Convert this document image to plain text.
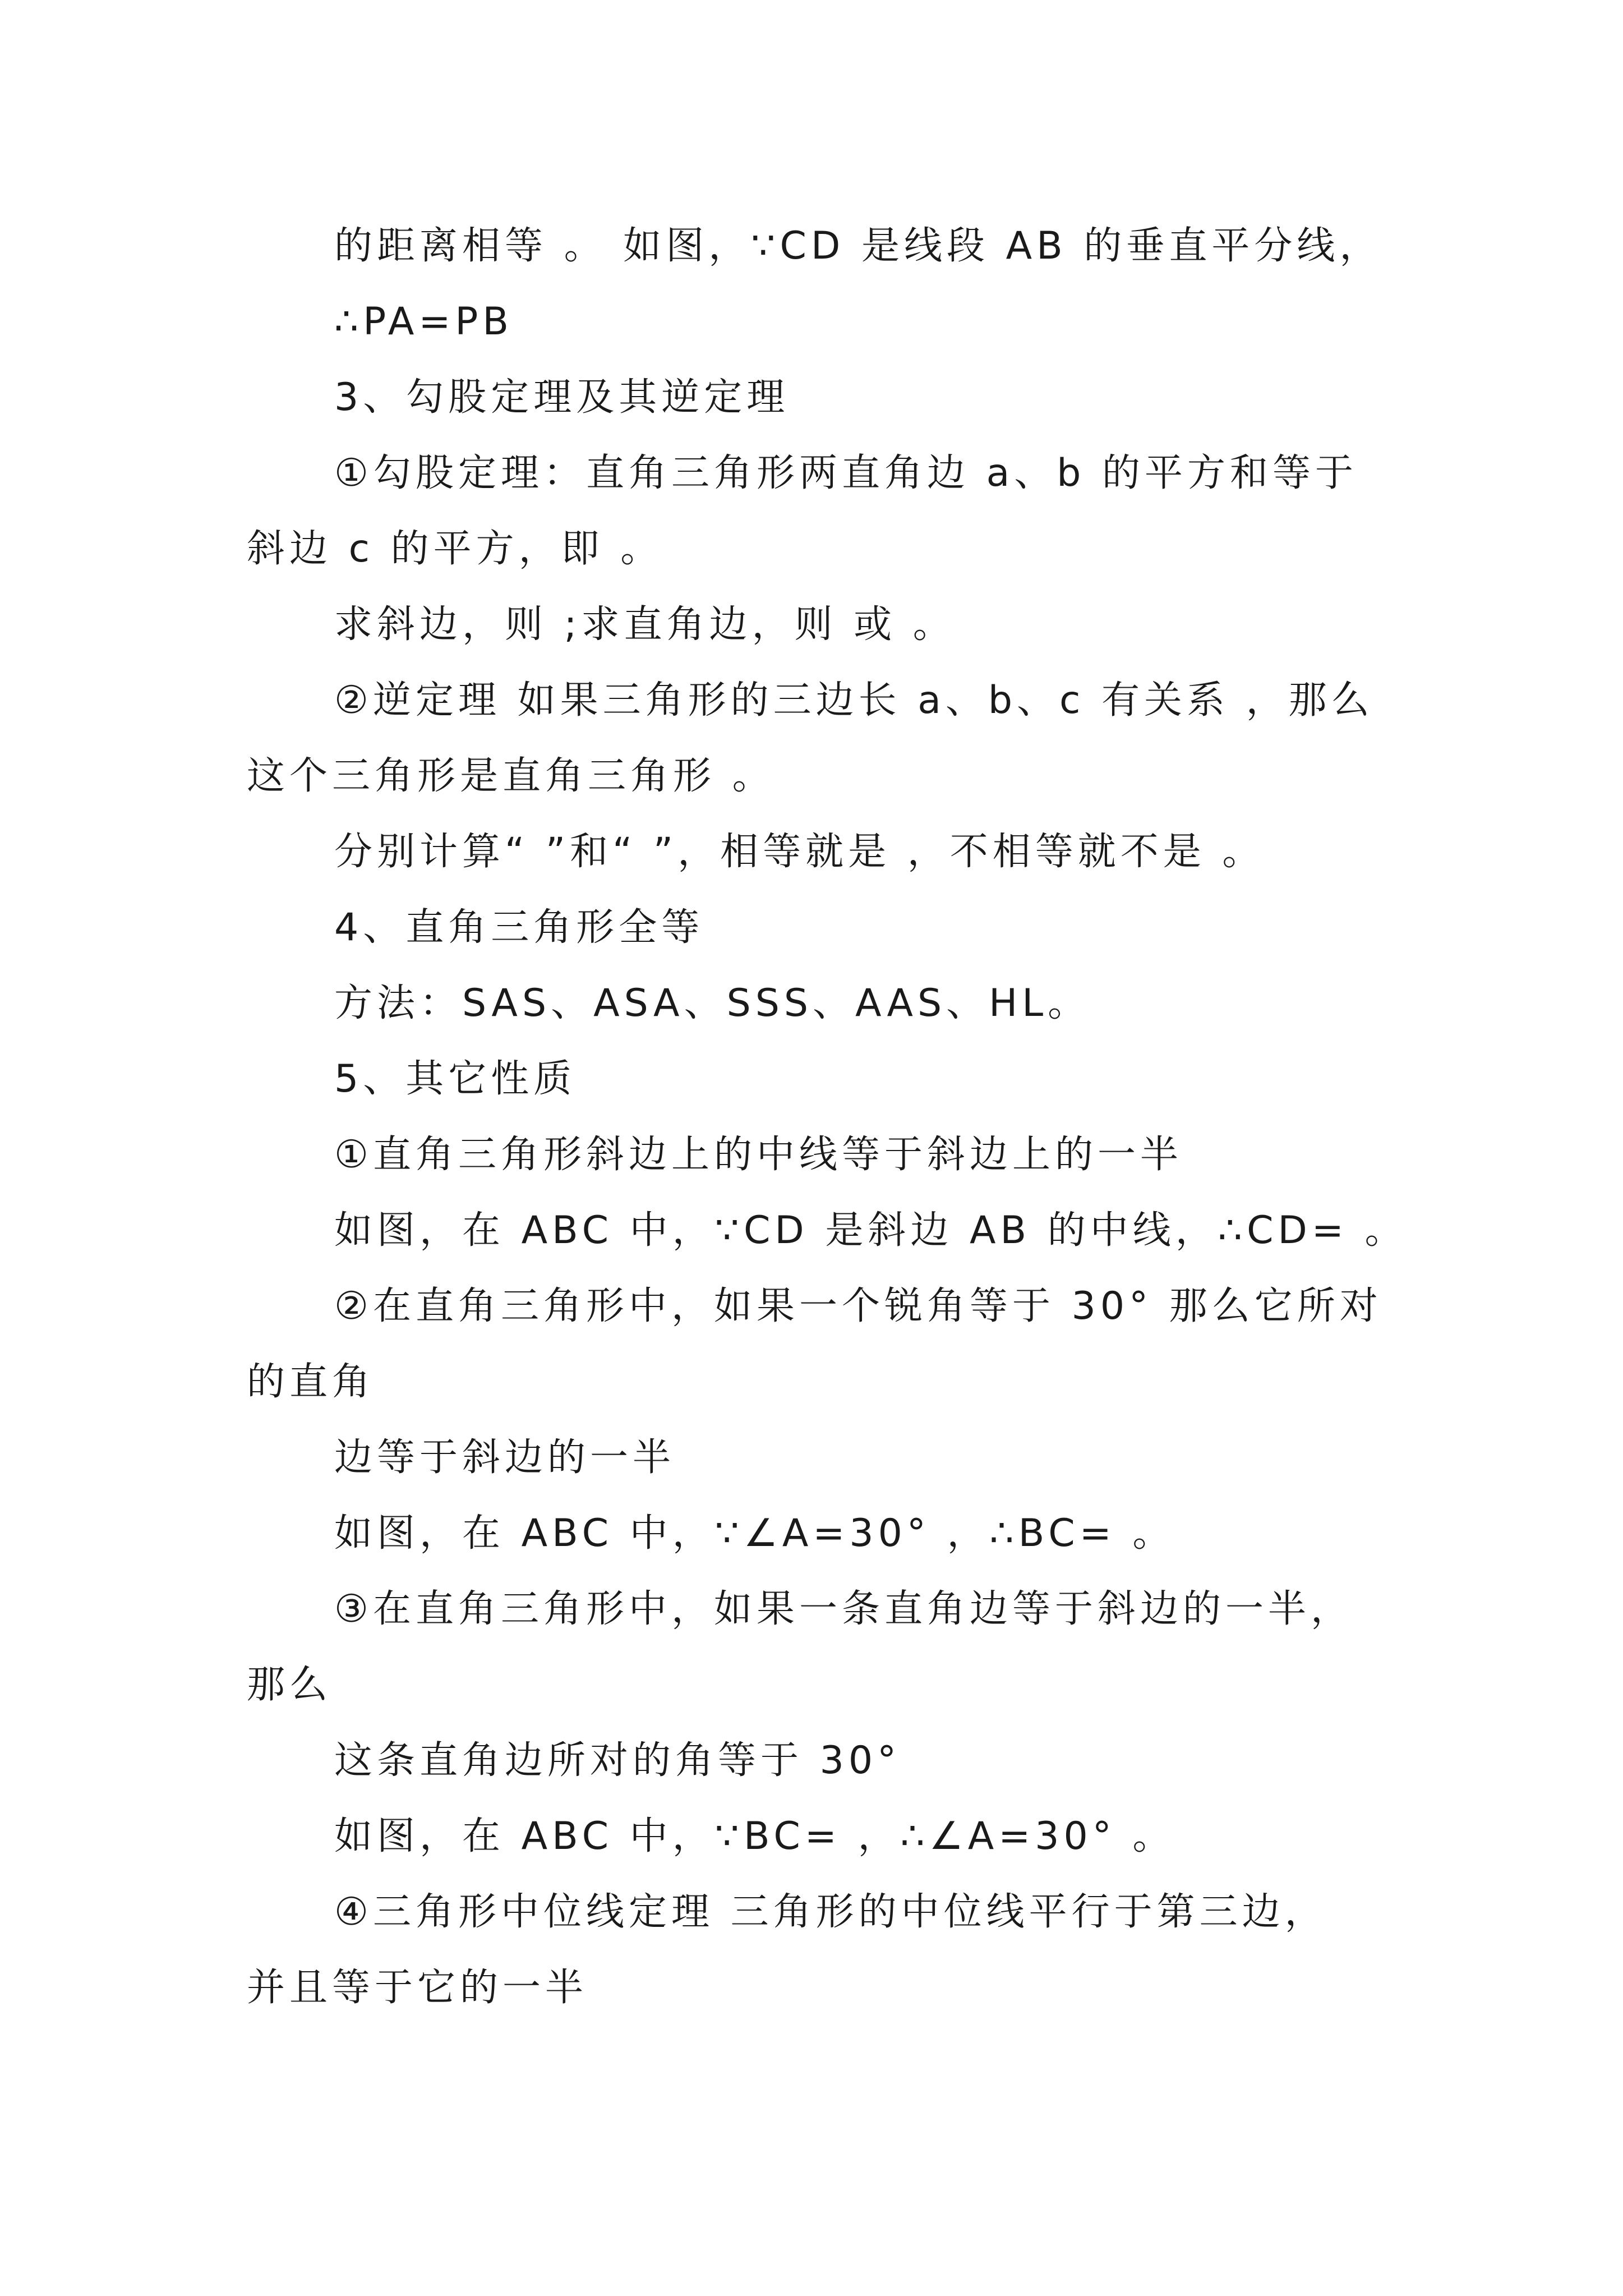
的距离相等 。 如图，∵CD 是线段 AB 的垂直平分线，
∴PA=PB
3、勾股定理及其逆定理
①勾股定理：直角三角形两直角边 a、b 的平方和等于
斜边 c 的平方，即 。
求斜边，则 ;求直角边，则 或 。
②逆定理 如果三角形的三边长 a、b、c 有关系 ，那么
这个三角形是直角三角形 。
分别计算“ ”和“ ”，相等就是 ，不相等就不是 。
4、直角三角形全等
方法：SAS、ASA、SSS、AAS、HL。
5、其它性质
①直角三角形斜边上的中线等于斜边上的一半
如图，在 ABC 中，∵CD 是斜边 AB 的中线，∴CD= 。
②在直角三角形中，如果一个锐角等于 30° 那么它所对
的直角
边等于斜边的一半
如图，在 ABC 中，∵∠A=30° ，∴BC= 。
③在直角三角形中，如果一条直角边等于斜边的一半，
那么
这条直角边所对的角等于 30°
如图，在 ABC 中，∵BC= ，∴∠A=30° 。
④三角形中位线定理 三角形的中位线平行于第三边，
并且等于它的一半
